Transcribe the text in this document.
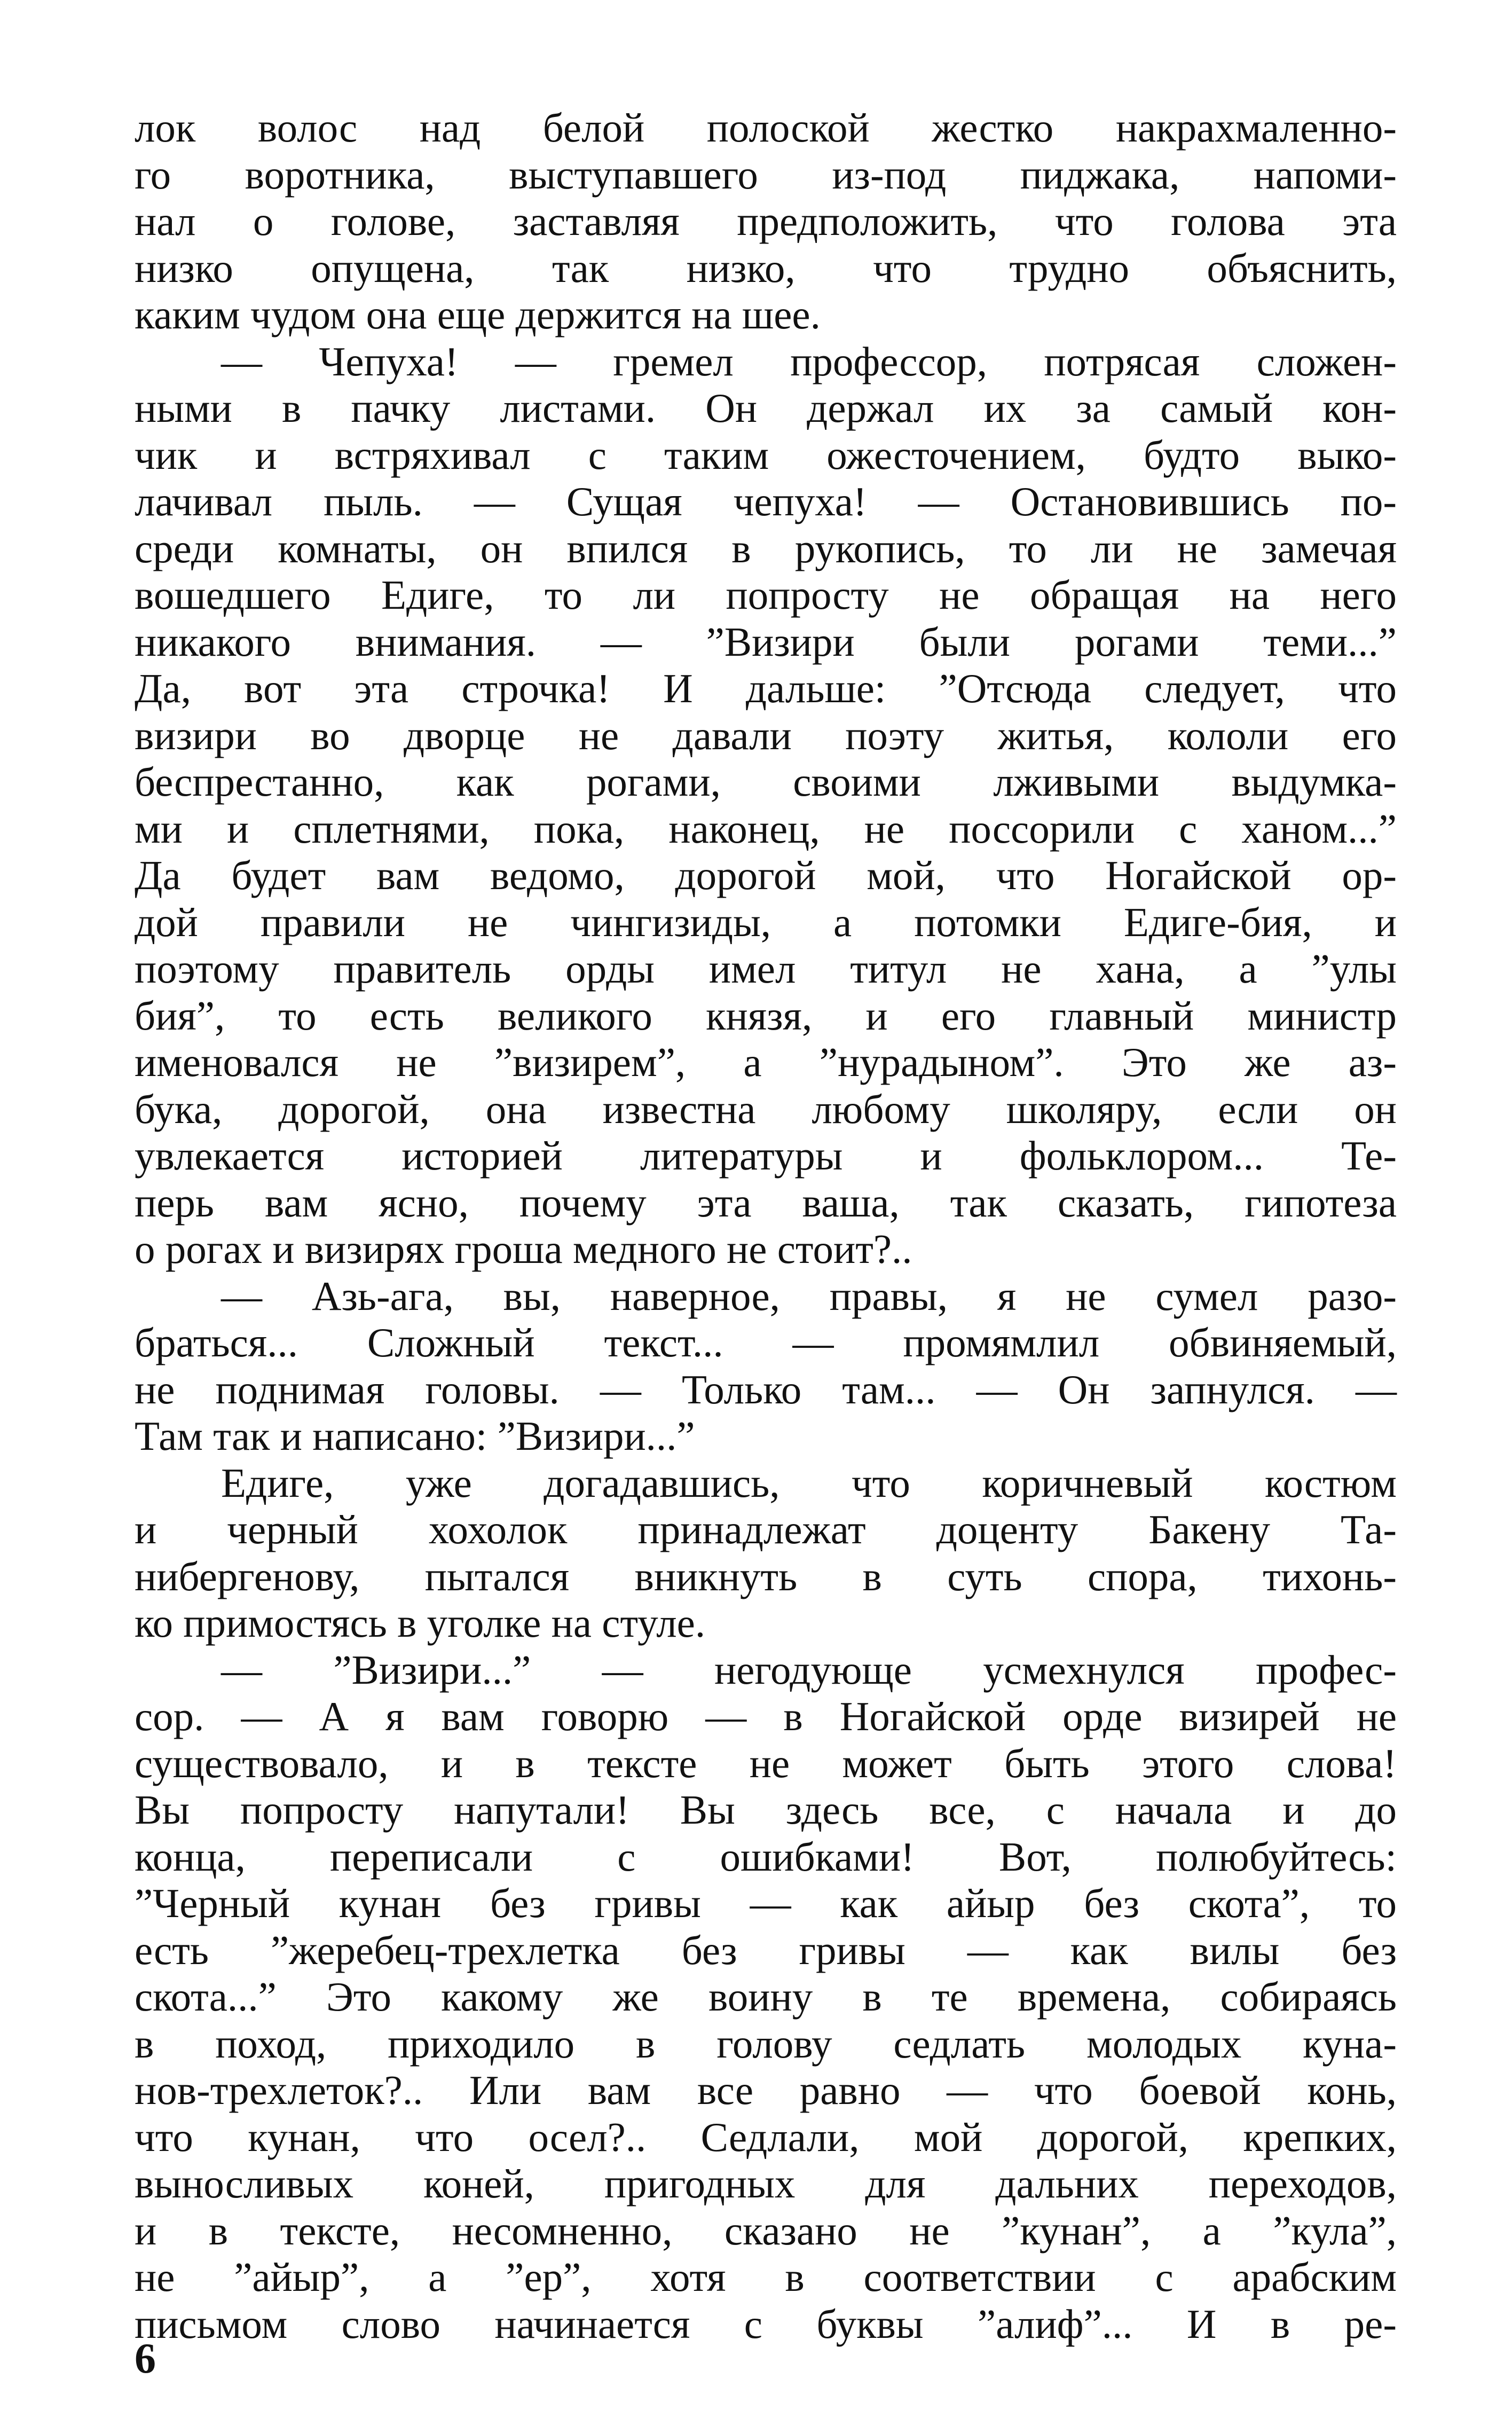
лок волос над белой полоской жестко накрахмаленно-
го воротника, выступавшего из-под пиджака, напоми-
нал о голове, заставляя предположить, что голова эта
низко опущена, так низко, что трудно объяснить,
каким чудом она еще держится на шее.
— Чепуха! — гремел профессор, потрясая сложен-
ными в пачку листами. Он держал их за самый кон-
чик и встряхивал с таким ожесточением, будто выко-
лачивал пыль. — Сущая чепуха! — Остановившись по-
среди комнаты, он впился в рукопись, то ли не замечая
вошедшего Едиге, то ли попросту не обращая на него
никакого внимания. — ”Визири были рогами теми...”
Да, вот эта строчка! И дальше: ”Отсюда следует, что
визири во дворце не давали поэту житья, кололи его
беспрестанно, как рогами, своими лживыми выдумка-
ми и сплетнями, пока, наконец, не поссорили с ханом...”
Да будет вам ведомо, дорогой мой, что Ногайской ор-
дой правили не чингизиды, а потомки Едиге-бия, и
поэтому правитель орды имел титул не хана, а ”улы
бия”, то есть великого князя, и его главный министр
именовался не ”визирем”, а ”нурадыном”. Это же аз-
бука, дорогой, она известна любому школяру, если он
увлекается историей литературы и фольклором... Те-
перь вам ясно, почему эта ваша, так сказать, гипотеза
о рогах и визирях гроша медного не стоит?..
— Азь-ага, вы, наверное, правы, я не сумел разо-
браться... Сложный текст... — промямлил обвиняемый,
не поднимая головы. — Только там... — Он запнулся. —
Там так и написано: ”Визири...”
Едиге, уже догадавшись, что коричневый костюм
и черный хохолок принадлежат доценту Бакену Та-
нибергенову, пытался вникнуть в суть спора, тихонь-
ко примостясь в уголке на стуле.
— ”Визири...” — негодующе усмехнулся профес-
сор. — А я вам говорю — в Ногайской орде визирей не
существовало, и в тексте не может быть этого слова!
Вы попросту напутали! Вы здесь все, с начала и до
конца, переписали с ошибками! Вот, полюбуйтесь:
”Черный кунан без гривы — как айыр без скота”, то
есть ”жеребец-трехлетка без гривы — как вилы без
скота...” Это какому же воину в те времена, собираясь
в поход, приходило в голову седлать молодых куна-
нов-трехлеток?.. Или вам все равно — что боевой конь,
что кунан, что осел?.. Седлали, мой дорогой, крепких,
выносливых коней, пригодных для дальних переходов,
и в тексте, несомненно, сказано не ”кунан”, а ”кула”,
не ”айыр”, а ”ер”, хотя в соответствии с арабским
письмом слово начинается с буквы ”алиф”... И в ре-
6
